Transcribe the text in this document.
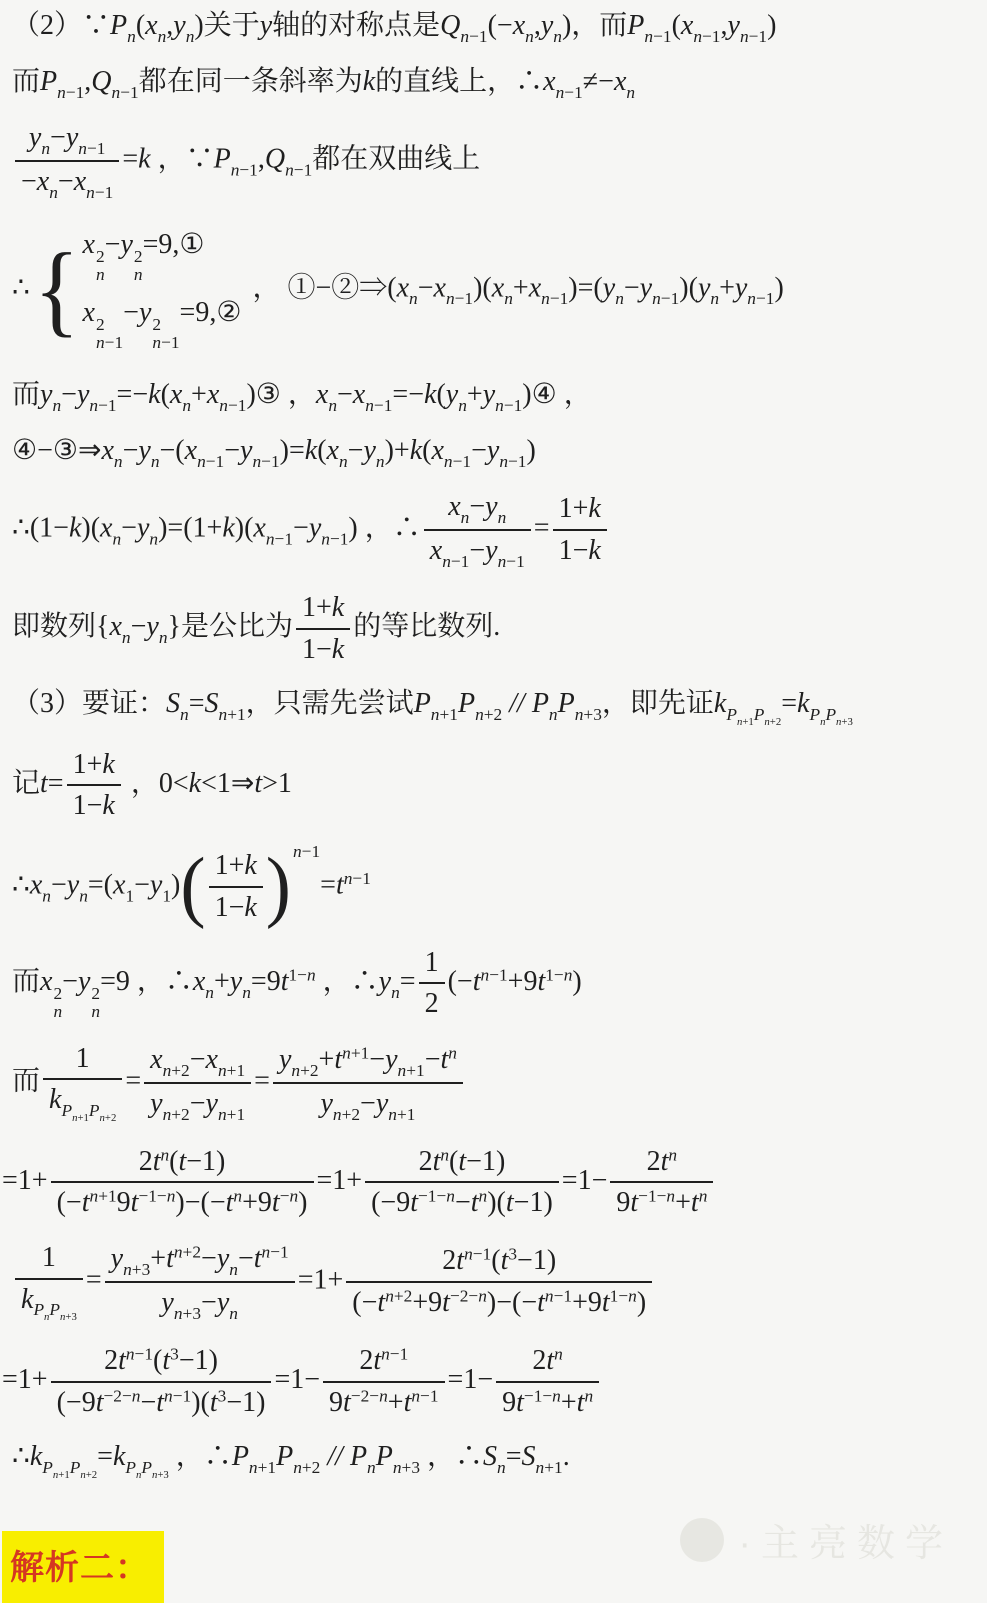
$(2)\because P_n(x_n,y_n)$关于y轴的对称点是$Q_{n-1}(-x_n,y_n)$，而$P_{n-1}(x_{n-1},y_{n-1})$
而$P_{n-1},Q_{n-1}$都在同一条斜率为k的直线上，$\therefore x_{n-1}\ne-x_n$
$\frac{y_n-y_{n-1}}{-x_n-x_{n-1}} =k$ ，$\because P_{n-1},Q_{n-1}$都在双曲线上
∴ { x 2
n
−y 2
n
=9,①
x 2
n−1
−y 2
n−1
=9,②
， $①-②\Rightarrow(x_n-x_{n-1})(x_n+x_{n-1})=(y_n-y_{n-1})(y_n+y_{n-1})$
而$y_n-y_{n-1}=-k(x_n+x_{n-1})③$ ，$x_n-x_{n-1}=-k(y_n+y_{n-1})④$ ，
$④-③\Rightarrow x_n-y_n-(x_{n-1}-y_{n-1})=k(x_n-y_n)+k(x_{n-1}-y_{n-1})$
$\therefore(1-k)(x_n-y_n)=(1+k)(x_{n-1}-y_{n-1})$ ，∴ $\frac{x_n-y_n}{x_{n-1}-y_{n-1}} = \frac{1+k}{1-k}$
即数列$\{x_n-y_n\}$是公比为 $\frac{1+k}{1-k}$ 的等比数列.
（3）要证：$S_n=S_{n+1}$，只需先尝试$P_{n+1}P_{n+2} // P_nP_{n+3}$，即先证$k_{P_{n+1}P_{n+2}}=k_{P_nP_{n+3}}$
记$t= \frac{1+k}{1-k}$ ，0<k<1⇒t>1
$\therefore x_n-y_n=(x_1-y_1)$ ( $\frac{1+k}{1-k}$ ) $^{n-1}=t^{n-1}$
而x 2
n
−y 2
n
=9 ，$\therefore x_n+y_n=9t^{1-n}$ ，$\therefore y_n= \frac{1}{2} (-t^{n-1}+9t^{1-n})$
而 $\frac{1}{k_{P_{n+1}P_{n+2}}} = \frac{x_{n+2}-x_{n+1}}{y_{n+2}-y_{n+1}} = \frac{y_{n+2}+t^{n+1}-y_{n+1}-t^n}{y_{n+2}-y_{n+1}}$
$=1+ \frac{2t^n(t-1)}{(-t^{n+1}9t^{-1-n})-(-t^n+9t^{-n})} =1+ \frac{2t^n(t-1)}{(-9t^{-1-n}-t^n)(t-1)} =1- \frac{2t^n}{9t^{-1-n}+t^n}$
$\frac{1}{k_{P_nP_{n+3}}} = \frac{y_{n+3}+t^{n+2}-y_n-t^{n-1}}{y_{n+3}-y_n} =1+ \frac{2t^{n-1}(t^3-1)}{(-t^{n+2}+9t^{-2-n})-(-t^{n-1}+9t^{1-n})}$
$=1+ \frac{2t^{n-1}(t^3-1)}{(-9t^{-2-n}-t^{n-1})(t^3-1)} =1- \frac{2t^{n-1}}{9t^{-2-n}+t^{n-1}} =1- \frac{2t^n}{9t^{-1-n}+t^n}$
$\therefore k_{P_{n+1}P_{n+2}}=k_{P_nP_{n+3}}$ ，$\therefore P_{n+1}P_{n+2} // P_nP_{n+3}$ ，$\therefore S_n=S_{n+1}$.
·主亮数学
解析二：
